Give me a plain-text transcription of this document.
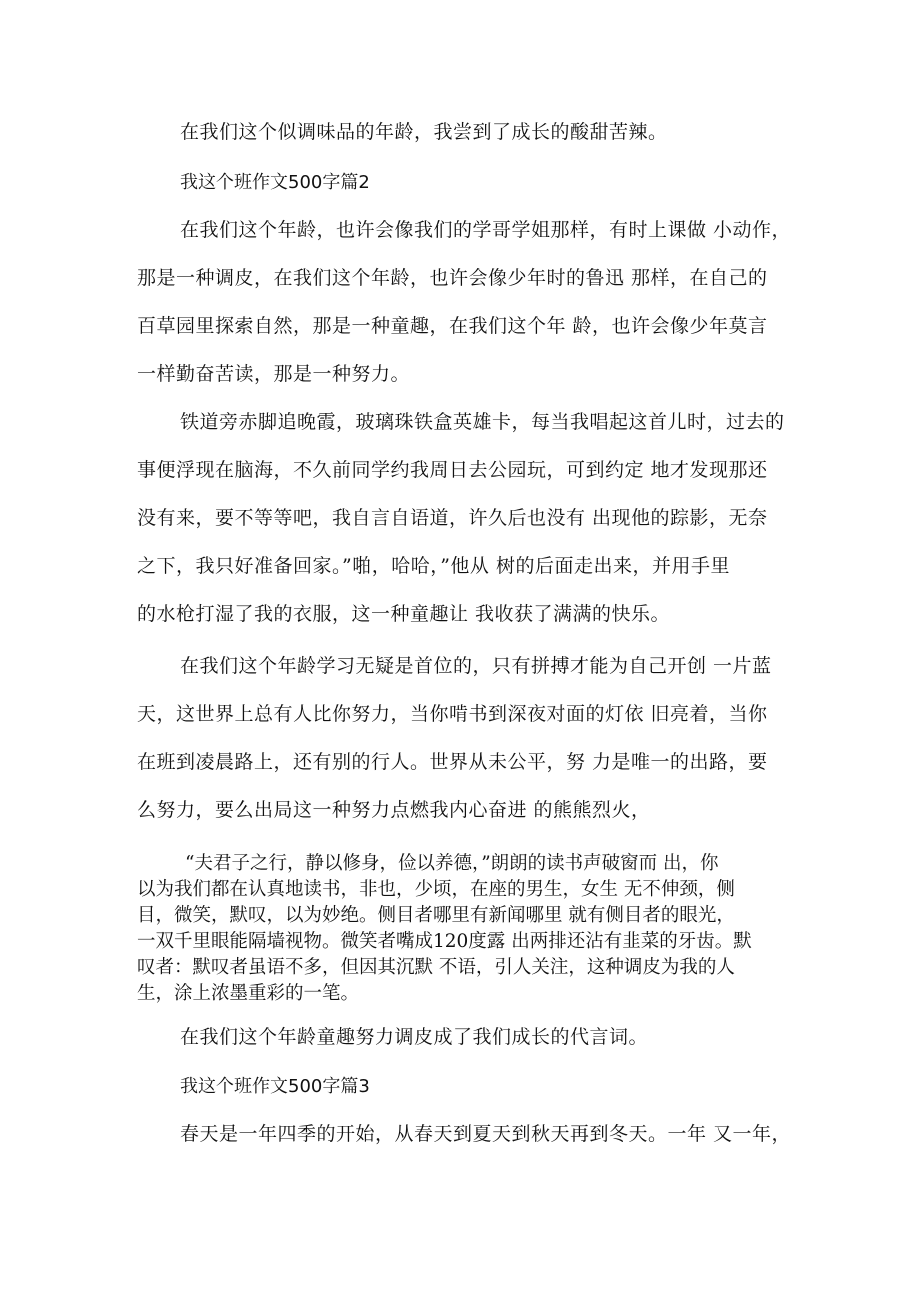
在我们这个似调味品的年龄，我尝到了成长的酸甜苦辣。
我这个班作文500字篇2
在我们这个年龄，也许会像我们的学哥学姐那样，有时上课做 小动作，
那是一种调皮，在我们这个年龄，也许会像少年时的鲁迅 那样，在自己的
百草园里探索自然，那是一种童趣，在我们这个年 龄，也许会像少年莫言
一样勤奋苦读，那是一种努力。
铁道旁赤脚追晚霞，玻璃珠铁盒英雄卡，每当我唱起这首儿时，过去的
事便浮现在脑海，不久前同学约我周日去公园玩，可到约定 地才发现那还
没有来，要不等等吧，我自言自语道，许久后也没有 出现他的踪影，无奈
之下，我只好准备回家。”啪，哈哈，”他从 树的后面走出来，并用手里
的水枪打湿了我的衣服，这一种童趣让 我收获了满满的快乐。
在我们这个年龄学习无疑是首位的，只有拼搏才能为自己开创 一片蓝
天，这世界上总有人比你努力，当你啃书到深夜对面的灯依 旧亮着，当你
在班到凌晨路上，还有别的行人。世界从未公平，努 力是唯一的出路，要
么努力，要么出局这一种努力点燃我内心奋进 的熊熊烈火，
“夫君子之行，静以修身，俭以养德，”朗朗的读书声破窗而 出，你
以为我们都在认真地读书，非也，少顷，在座的男生，女生 无不伸颈，侧
目，微笑，默叹，以为妙绝。侧目者哪里有新闻哪里 就有侧目者的眼光，
一双千里眼能隔墙视物。微笑者嘴成120度露 出两排还沾有韭菜的牙齿。默
叹者：默叹者虽语不多，但因其沉默 不语，引人关注，这种调皮为我的人
生，涂上浓墨重彩的一笔。
在我们这个年龄童趣努力调皮成了我们成长的代言词。
我这个班作文500字篇3
春天是一年四季的开始，从春天到夏天到秋天再到冬天。一年 又一年，
